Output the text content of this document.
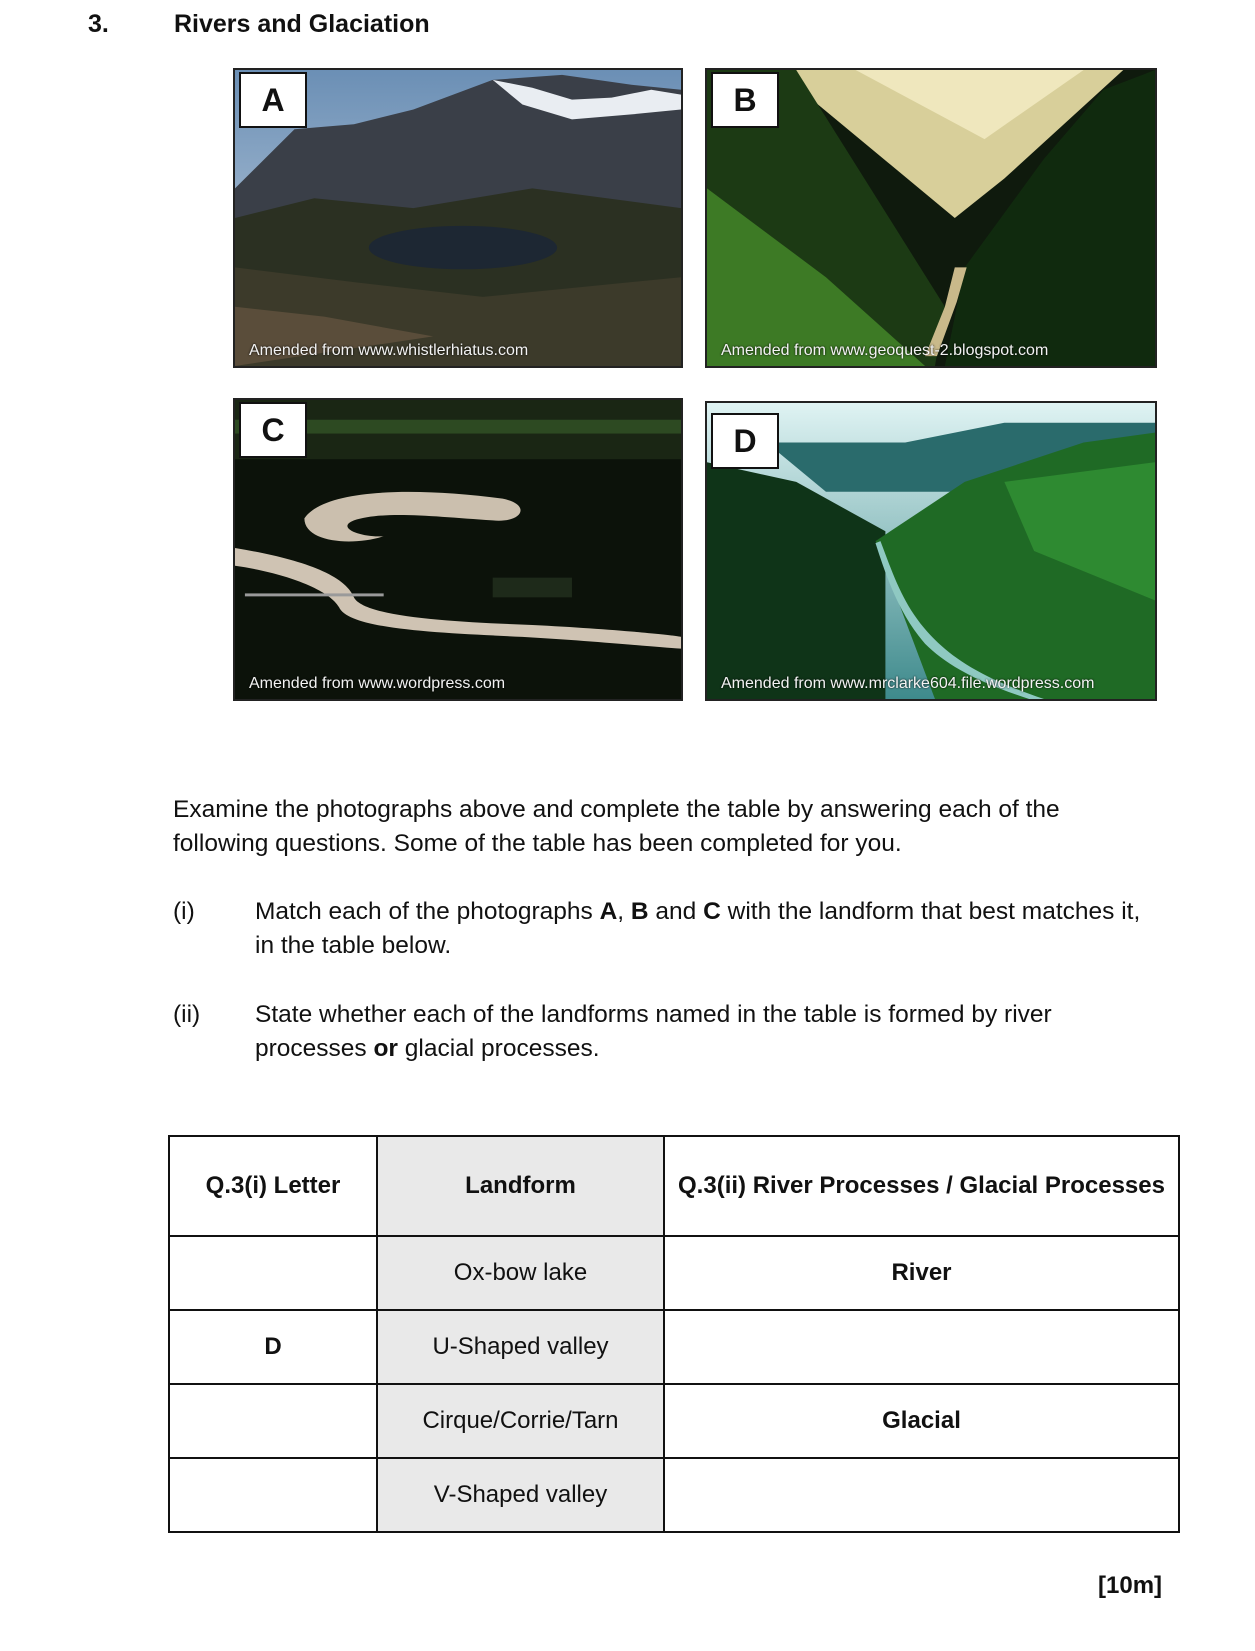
3.	Rivers and Glaciation
A
Amended from www.whistlerhiatus.com
B
Amended from www.geoquest-2.blogspot.com
C
Amended from www.wordpress.com
D
Amended from www.mrclarke604.file.wordpress.com
Examine the photographs above and complete the table by answering each of the following questions. Some of the table has been completed for you.
(i) Match each of the photographs A, B and C with the landform that best matches it, in the table below.
(ii) State whether each of the landforms named in the table is formed by river processes or glacial processes.
Q.3(i) Letter	Landform	Q.3(ii) River Processes / Glacial Processes
	Ox-bow lake	River
D	U-Shaped valley	
	Cirque/Corrie/Tarn	Glacial
	V-Shaped valley	
[10m]
